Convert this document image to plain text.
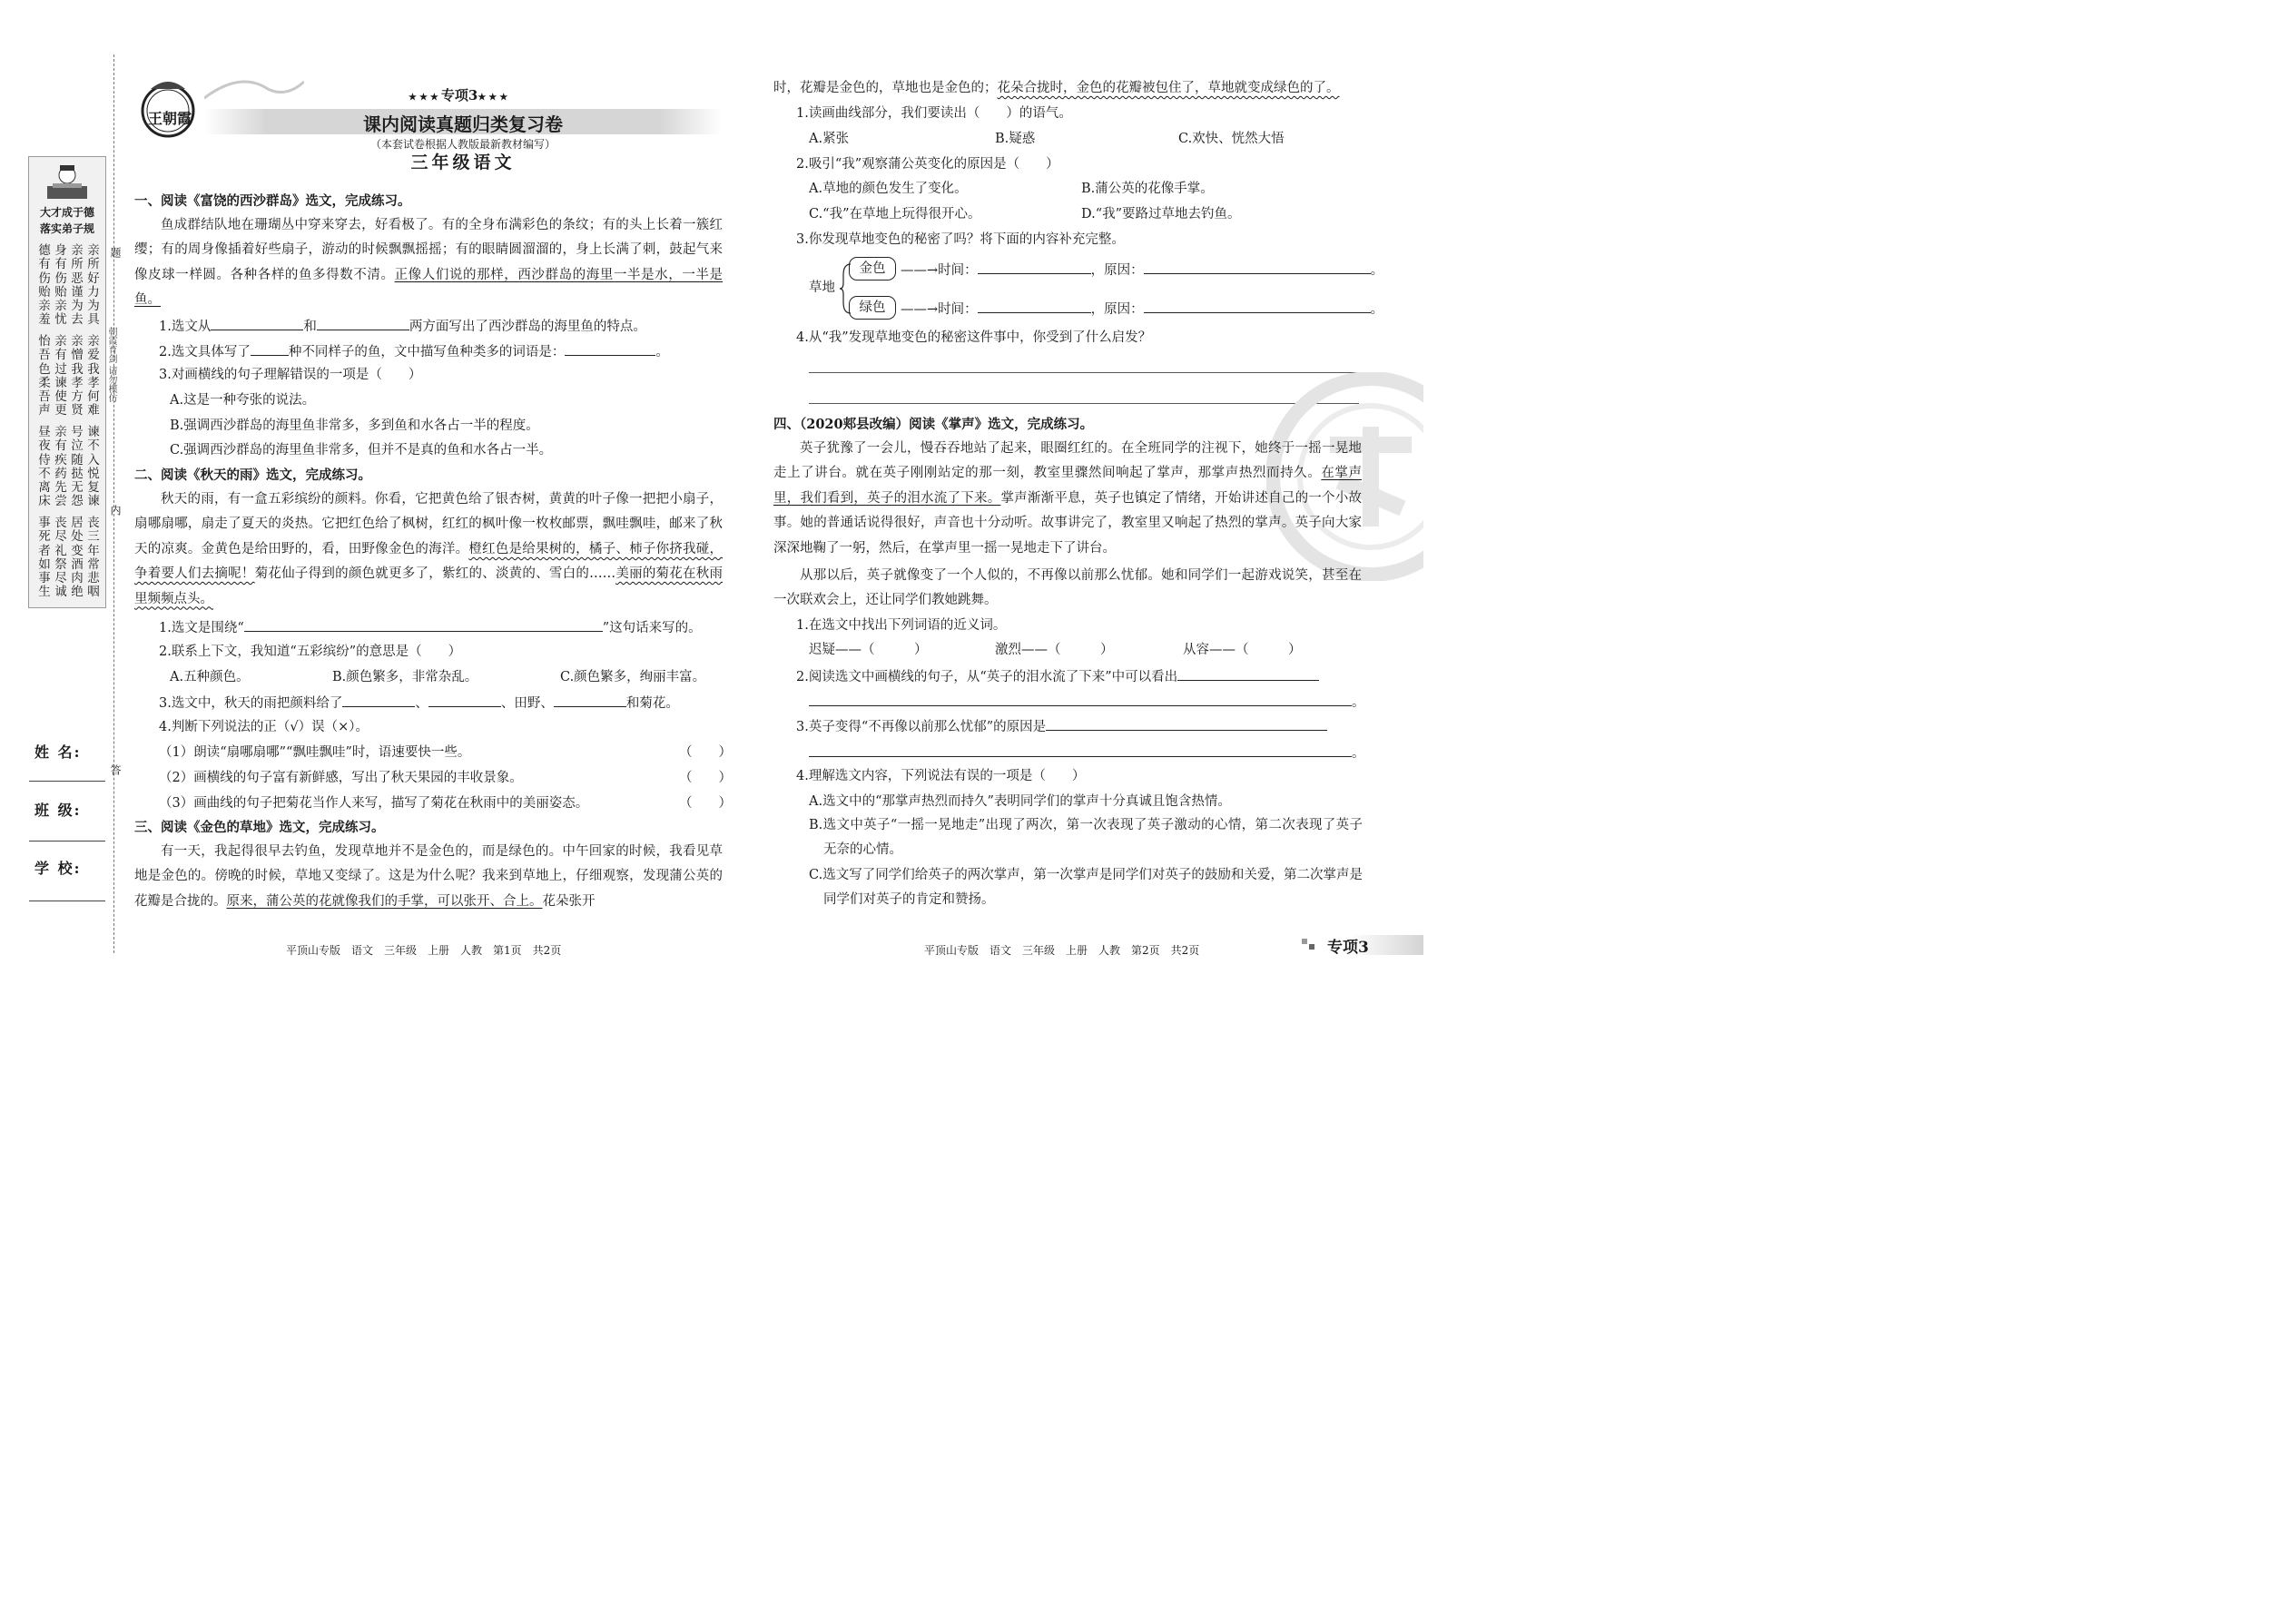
大才成于德
落实弟子规
亲所好力为具
亲所恶谨为去
身有伤贻亲忧
德有伤贻亲羞
亲爱我孝何难
亲憎我孝方贤
亲有过谏使更
怡吾色柔吾声
谏不入悦复谏
号泣随挞无怨
亲有疾药先尝
昼夜侍不离床
丧三年常悲咽
居处变酒肉绝
丧尽礼祭尽诚
事死者如事生
题
内
答
朝霞育剑 请勿模仿
姓 名:
班 级:
学 校:
王朝霞
★★★专项3★★★
课内阅读真题归类复习卷
（本套试卷根据人教版最新教材编写）
三年级语文
一、阅读《富饶的西沙群岛》选文，完成练习。
鱼成群结队地在珊瑚丛中穿来穿去，好看极了。有的全身布满彩色的条纹；有的头上长着一簇红缨；有的周身像插着好些扇子，游动的时候飘飘摇摇；有的眼睛圆溜溜的，身上长满了刺，鼓起气来像皮球一样圆。各种各样的鱼多得数不清。正像人们说的那样，西沙群岛的海里一半是水，一半是鱼。
1.选文从	和	两方面写出了西沙群岛的海里鱼的特点。
2.选文具体写了	种不同样子的鱼，文中描写鱼种类多的词语是：	。
3.对画横线的句子理解错误的一项是（　　）
A.这是一种夸张的说法。
B.强调西沙群岛的海里鱼非常多，多到鱼和水各占一半的程度。
C.强调西沙群岛的海里鱼非常多，但并不是真的鱼和水各占一半。
二、阅读《秋天的雨》选文，完成练习。
秋天的雨，有一盒五彩缤纷的颜料。你看，它把黄色给了银杏树，黄黄的叶子像一把把小扇子，扇哪扇哪，扇走了夏天的炎热。它把红色给了枫树，红红的枫叶像一枚枚邮票，飘哇飘哇，邮来了秋天的凉爽。金黄色是给田野的，看，田野像金色的海洋。橙红色是给果树的，橘子、柿子你挤我碰，争着要人们去摘呢！菊花仙子得到的颜色就更多了，紫红的、淡黄的、雪白的……美丽的菊花在秋雨里频频点头。
1.选文是围绕“	”这句话来写的。
2.联系上下文，我知道“五彩缤纷”的意思是（　　）
A.五种颜色。	B.颜色繁多，非常杂乱。	C.颜色繁多，绚丽丰富。
3.选文中，秋天的雨把颜料给了	、	、田野、	和菊花。
4.判断下列说法的正（√）误（×）。
（1）朗读“扇哪扇哪”“飘哇飘哇”时，语速要快一些。	（　　）
（2）画横线的句子富有新鲜感，写出了秋天果园的丰收景象。	（　　）
（3）画曲线的句子把菊花当作人来写，描写了菊花在秋雨中的美丽姿态。	（　　）
三、阅读《金色的草地》选文，完成练习。
有一天，我起得很早去钓鱼，发现草地并不是金色的，而是绿色的。中午回家的时候，我看见草地是金色的。傍晚的时候，草地又变绿了。这是为什么呢？我来到草地上，仔细观察，发现蒲公英的花瓣是合拢的。原来，蒲公英的花就像我们的手掌，可以张开、合上。花朵张开
时，花瓣是金色的，草地也是金色的；花朵合拢时，金色的花瓣被包住了，草地就变成绿色的了。
1.读画曲线部分，我们要读出（　　）的语气。
A.紧张	B.疑惑	C.欢快、恍然大悟
2.吸引“我”观察蒲公英变化的原因是（　　）
A.草地的颜色发生了变化。	B.蒲公英的花像手掌。
C.“我”在草地上玩得很开心。	D.“我”要路过草地去钓鱼。
3.你发现草地变色的秘密了吗？将下面的内容补充完整。
草地
金色	——→时间：	，原因：	。
绿色	——→时间：	，原因：	。
4.从“我”发现草地变色的秘密这件事中，你受到了什么启发？
四、（2020郏县改编）阅读《掌声》选文，完成练习。
英子犹豫了一会儿，慢吞吞地站了起来，眼圈红红的。在全班同学的注视下，她终于一摇一晃地走上了讲台。就在英子刚刚站定的那一刻，教室里骤然间响起了掌声，那掌声热烈而持久。在掌声里，我们看到，英子的泪水流了下来。掌声渐渐平息，英子也镇定了情绪，开始讲述自己的一个小故事。她的普通话说得很好，声音也十分动听。故事讲完了，教室里又响起了热烈的掌声。英子向大家深深地鞠了一躬，然后，在掌声里一摇一晃地走下了讲台。
从那以后，英子就像变了一个人似的，不再像以前那么忧郁。她和同学们一起游戏说笑，甚至在一次联欢会上，还让同学们教她跳舞。
1.在选文中找出下列词语的近义词。
迟疑——（　　　）	激烈——（　　　）	从容——（　　　）
2.阅读选文中画横线的句子，从“英子的泪水流了下来”中可以看出
。
3.英子变得“不再像以前那么忧郁”的原因是
。
4.理解选文内容，下列说法有误的一项是（　　）
A.选文中的“那掌声热烈而持久”表明同学们的掌声十分真诚且饱含热情。
B.选文中英子“一摇一晃地走”出现了两次，第一次表现了英子激动的心情，第二次表现了英子无奈的心情。
C.选文写了同学们给英子的两次掌声，第一次掌声是同学们对英子的鼓励和关爱，第二次掌声是同学们对英子的肯定和赞扬。
平顶山专版　语文　三年级　上册　人教　第1页　共2页	平顶山专版　语文　三年级　上册　人教　第2页　共2页	专项3
